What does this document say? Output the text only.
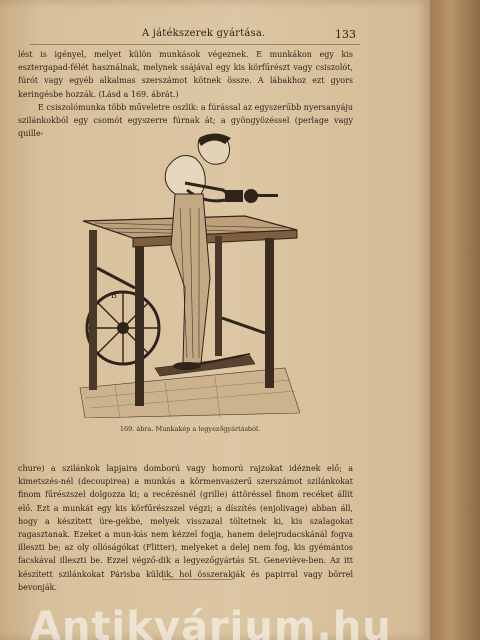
A játékszerek gyártása.	133

lést is igényel, melyet külön munkások végeznek. E munkákon egy kis esztergapad-félét használnak, melynek ssájával egy kis körfűrészt vagy csiszolót, fúrót vagy egyéb alkalmas szerszámot kötnek össze. A lábakhoz ezt gyors keringésbe hozzák. (Lásd a 169. ábrát.)

E csiszolómunka több műveletre oszlik: a fúrással az egyszerűbb nyersanyáju szilánkokból egy csomót egyszerre fúrnak át; a gyöngyözéssel (perlage vagy quille-

B
169. ábra. Munkakép a legyezőgyártásból.

chure) a szilánkok lapjaira domború vagy homorú rajzokat idéznek elő; a kimetszés-nél (decoupirea) a munkás a körmenvaszerű szerszámot szilánkokat finom fűrészszel dolgozza ki; a recézésnél (grille) áttöréssel finom recéket állít elő. Ezt a munkát egy kis körfűrészszel végzi; a díszítés (enjolivage) abban áll, hogy a készített üre-gekbe, melyek visszazal töltetnek ki, kis szalagokat ragasztanak. Ezeket a mun-kás nem kézzel fogja, hanem delejrudacskánál fogva illeszti be; az oly ollóságókat (Flitter), melyeket a delej nem fog, kis gyémántos facskával illeszti be. Ezzel végző-dik a legyezőgyártás St. Geneviève-ben. Az itt készített szilánkokat Párisba küldik, hol összerakják és papirral vagy bőrrel bevonják.

Antikvárium.hu
